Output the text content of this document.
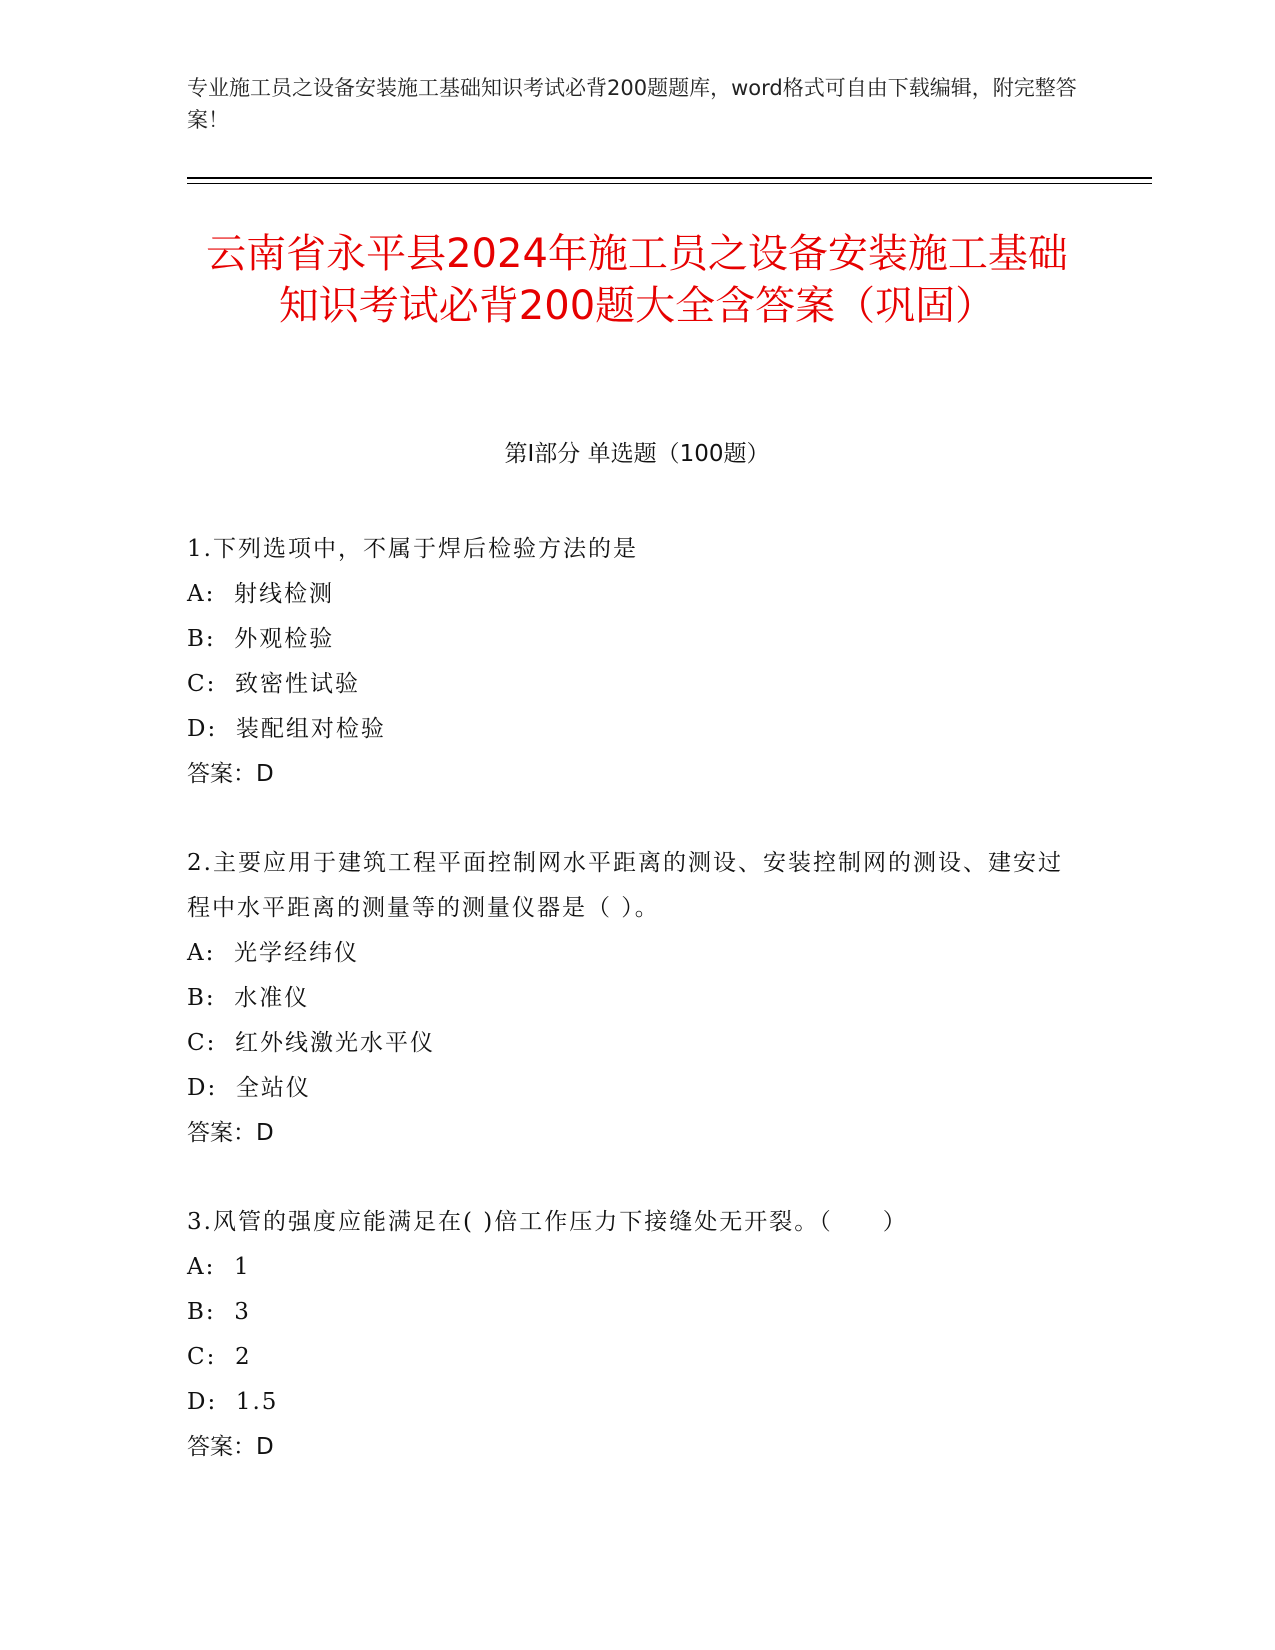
专业施工员之设备安装施工基础知识考试必背200题题库，word格式可自由下载编辑，附完整答案！
云南省永平县2024年施工员之设备安装施工基础知识考试必背200题大全含答案（巩固）
第Ⅰ部分 单选题（100题）

1.下列选项中，不属于焊后检验方法的是

A:  射线检测
B:  外观检验
C:  致密性试验
D:  装配组对检验
答案：D

2.主要应用于建筑工程平面控制网水平距离的测设、安装控制网的测设、建安过程中水平距离的测量等的测量仪器是（ ）。

A:  光学经纬仪
B:  水准仪
C:  红外线激光水平仪
D:  全站仪
答案：D

3.风管的强度应能满足在( )倍工作压力下接缝处无开裂。（　　）

A:  1
B:  3
C:  2
D:  1.5
答案：D
